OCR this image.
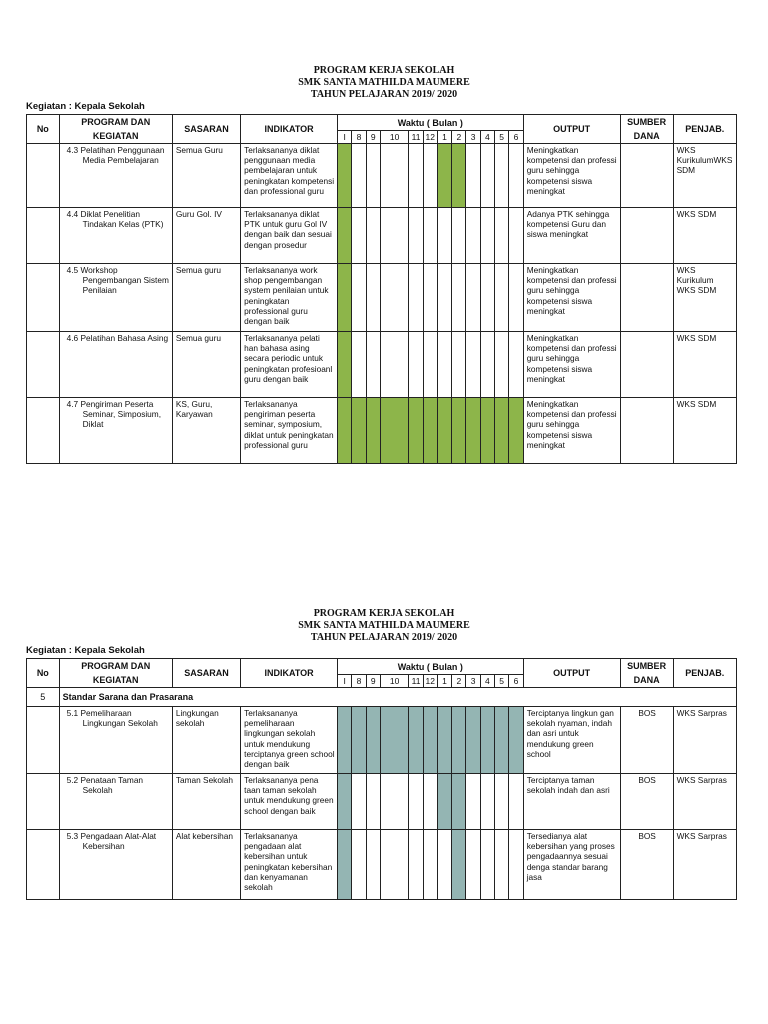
PROGRAM KERJA SEKOLAH
SMK SANTA MATHILDA MAUMERE
TAHUN PELAJARAN 2019/ 2020
Kegiatan : Kepala Sekolah
No	PROGRAM DAN KEGIATAN	SASARAN	INDIKATOR	Waktu ( Bulan )												OUTPUT	SUMBER DANA	PENJAB.
				I	8	9	10	11	12	1	2	3	4	5	6			

	4.3 Pelatihan Penggunaan Media Pembelajaran	Semua Guru	Terlaksananya diklat penggunaan media pembelajaran untuk peningkatan kompetensi dan professional guru													Meningkatkan kompetensi dan professi guru sehingga kompetensi siswa meningkat		WKS KurikulumWKS SDM

	4.4 Diklat Penelitian Tindakan Kelas (PTK)	Guru Gol. IV	Terlaksananya diklat PTK untuk guru Gol IV dengan baik dan sesuai dengan prosedur													Adanya PTK sehingga kompetensi Guru dan siswa meningkat		WKS SDM

	4.5 Workshop Pengembangan Sistem Penilaian	Semua guru	Terlaksananya work shop pengembangan system penilaian untuk peningkatan professional guru dengan baik													Meningkatkan kompetensi dan professi guru sehingga kompetensi siswa meningkat		WKS Kurikulum WKS SDM

	4.6 Pelatihan Bahasa Asing	Semua guru	Terlaksananya pelati han bahasa asing secara periodic untuk peningkatan profesioanl guru dengan baik													Meningkatkan kompetensi dan professi guru sehingga kompetensi siswa meningkat		WKS SDM

	4.7 Pengiriman Peserta Seminar, Simposium, Diklat	KS, Guru, Karyawan	Terlaksananya pengiriman peserta seminar, symposium, diklat untuk peningkatan professional guru													Meningkatkan kompetensi dan professi guru sehingga kompetensi siswa meningkat		WKS SDM
PROGRAM KERJA SEKOLAH
SMK SANTA MATHILDA MAUMERE
TAHUN PELAJARAN 2019/ 2020
Kegiatan : Kepala Sekolah
No	PROGRAM DAN KEGIATAN	SASARAN	INDIKATOR	Waktu ( Bulan )												OUTPUT	SUMBER DANA	PENJAB.
				I	8	9	10	11	12	1	2	3	4	5	6			
5	Standar Sarana dan Prasarana																	

	5.1 Pemeliharaan Lingkungan Sekolah	Lingkungan sekolah	Terlaksananya pemeliharaan lingkungan sekolah untuk mendukung terciptanya green school dengan baik													Terciptanya lingkun gan sekolah nyaman, indah dan asri untuk mendukung green school	BOS	WKS Sarpras

	5.2 Penataan Taman Sekolah	Taman Sekolah	Terlaksananya pena taan taman sekolah untuk mendukung green school dengan baik													Terciptanya taman sekolah indah dan asri	BOS	WKS Sarpras

	5.3 Pengadaan Alat-Alat Kebersihan	Alat kebersihan	Terlaksananya pengadaan alat kebersihan untuk peningkatan kebersihan dan kenyamanan sekolah													Tersedianya alat kebersihan yang proses pengadaannya sesuai denga standar barang jasa	BOS	WKS Sarpras
